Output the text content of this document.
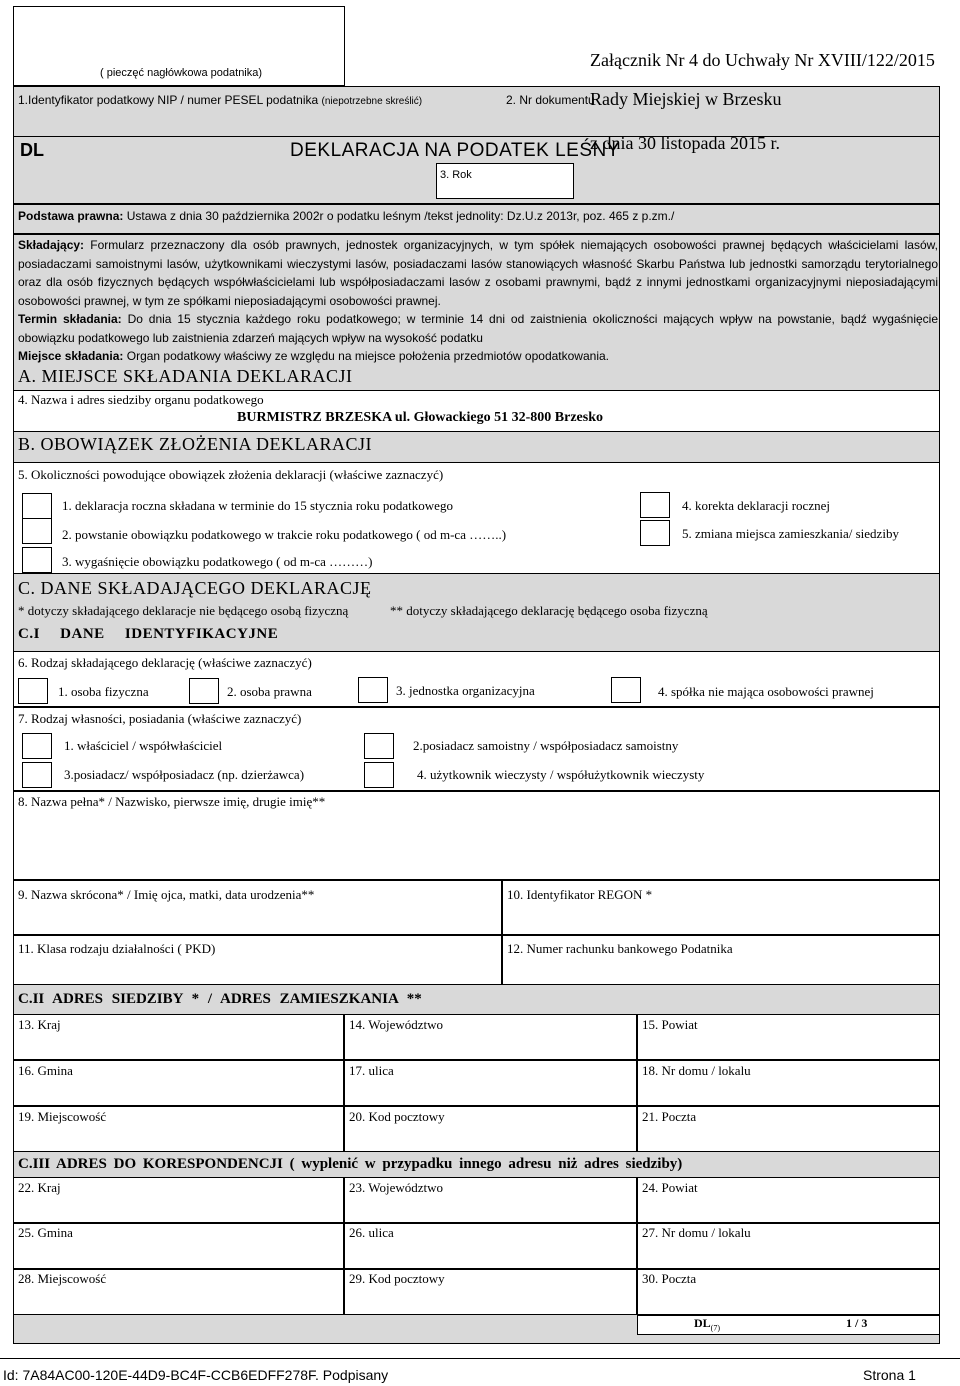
( pieczęć nagłówkowa podatnika)
Załącznik Nr 4 do Uchwały Nr XVIII/122/2015
1.Identyfikator podatkowy NIP / numer PESEL podatnika (niepotrzebne skreślić)	2. Nr dokumentu
Rady Miejskiej w Brzesku
DL	DEKLARACJA NA PODATEK LEŚNY
z dnia 30 listopada 2015 r.
3. Rok
Podstawa prawna: Ustawa z dnia 30 października 2002r o podatku leśnym /tekst jednolity: Dz.U.z 2013r, poz. 465 z p.zm./
Składający: Formularz przeznaczony dla osób prawnych, jednostek organizacyjnych, w tym spółek niemających osobowości prawnej będących właścicielami lasów, posiadaczami samoistnymi lasów, użytkownikami wieczystymi lasów, posiadaczami lasów stanowiących własność Skarbu Państwa lub jednostki samorządu terytorialnego oraz dla osób fizycznych będących współwłaścicielami lub współposiadaczami lasów z osobami prawnymi, bądź z innymi jednostkami organizacyjnymi nieposiadającymi osobowości prawnej, w tym ze spółkami nieposiadającymi osobowości prawnej.
Termin składania: Do dnia 15 stycznia każdego roku podatkowego; w terminie 14 dni od zaistnienia okoliczności mających wpływ na powstanie, bądź wygaśnięcie obowiązku podatkowego lub zaistnienia zdarzeń mających wpływ na wysokość podatku
Miejsce składania: Organ podatkowy właściwy ze względu na miejsce położenia przedmiotów opodatkowania.
A. MIEJSCE SKŁADANIA DEKLARACJI
4. Nazwa i adres siedziby organu podatkowego
BURMISTRZ BRZESKA ul. Głowackiego 51 32-800 Brzesko
B. OBOWIĄZEK ZŁOŻENIA DEKLARACJI
5. Okoliczności powodujące obowiązek złożenia deklaracji (właściwe zaznaczyć)
1. deklaracja roczna składana w terminie do 15 stycznia roku podatkowego
2. powstanie obowiązku podatkowego w trakcie roku podatkowego ( od m-ca ……..)
3. wygaśnięcie obowiązku podatkowego ( od m-ca ………)
4. korekta deklaracji rocznej
5. zmiana miejsca zamieszkania/ siedziby
C. DANE SKŁADAJĄCEGO DEKLARACJĘ
* dotyczy składającego deklaracje nie będącego osobą fizyczną	** dotyczy składającego deklarację będącego osoba fizyczną
C.I DANE IDENTYFIKACYJNE
6. Rodzaj składającego deklarację (właściwe zaznaczyć)
1. osoba fizyczna	2. osoba prawna	3. jednostka organizacyjna	4. spółka nie mająca osobowości prawnej
7. Rodzaj własności, posiadania (właściwe zaznaczyć)
1. właściciel / współwłaściciel	2.posiadacz samoistny / współposiadacz samoistny
3.posiadacz/ współposiadacz (np. dzierżawca)	4. użytkownik wieczysty / współużytkownik wieczysty
8. Nazwa pełna* / Nazwisko, pierwsze imię, drugie imię**
9. Nazwa skrócona* / Imię ojca, matki, data urodzenia**	10. Identyfikator REGON *
11. Klasa rodzaju działalności ( PKD)	12. Numer rachunku bankowego Podatnika
C.II ADRES SIEDZIBY * / ADRES ZAMIESZKANIA **
13. Kraj	14. Województwo	15. Powiat
16. Gmina	17. ulica	18. Nr domu / lokalu
19. Miejscowość	20. Kod pocztowy	21. Poczta
C.III ADRES DO KORESPONDENCJI ( wyplenić w przypadku innego adresu niż adres siedziby)
22. Kraj	23. Województwo	24. Powiat
25. Gmina	26. ulica	27. Nr domu / lokalu
28. Miejscowość	29. Kod pocztowy	30. Poczta
$DL_{(7)}$	1 / 3
Id: 7A84AC00-120E-44D9-BC4F-CCB6EDFF278F. Podpisany	Strona 1
